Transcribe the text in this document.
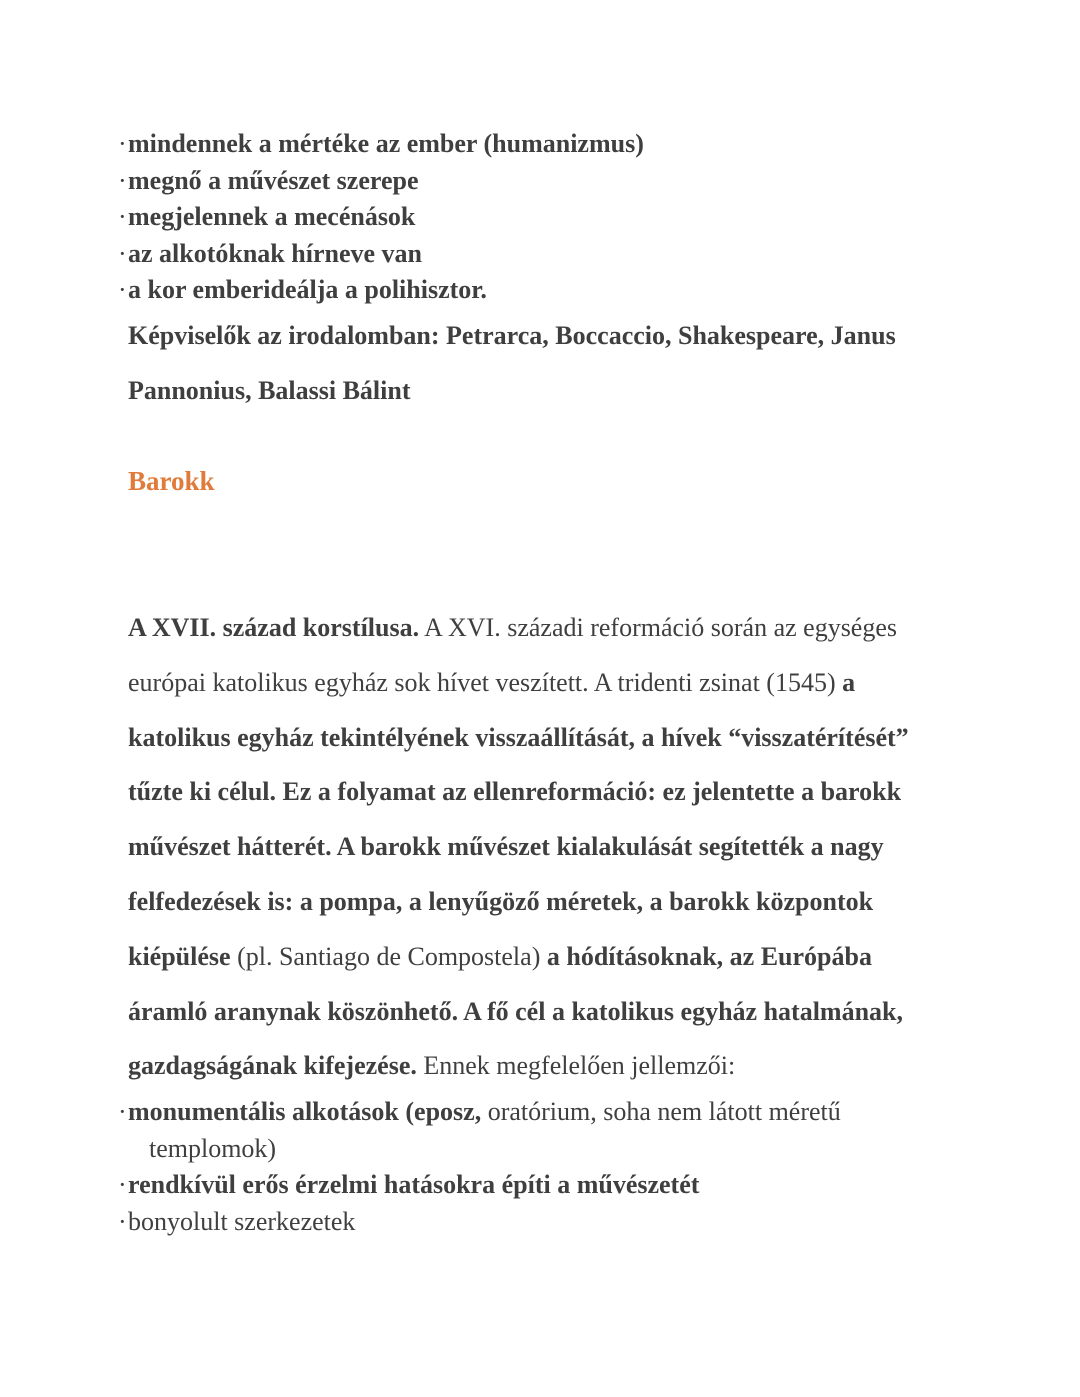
·mindennek a mértéke az ember (humanizmus)
·megnő a művészet szerepe
·megjelennek a mecénások
·az alkotóknak hírneve van
·a kor emberideálja a polihisztor.
Képviselők az irodalomban: Petrarca, Boccaccio, Shakespeare, Janus
Pannonius, Balassi Bálint
Barokk
A XVII. század korstílusa. A XVI. századi reformáció során az egységes
európai katolikus egyház sok hívet veszített. A tridenti zsinat (1545) a
katolikus egyház tekintélyének visszaállítását, a hívek “visszatérítését”
tűzte ki célul. Ez a folyamat az ellenreformáció: ez jelentette a barokk
művészet hátterét. A barokk művészet kialakulását segítették a nagy
felfedezések is: a pompa, a lenyűgöző méretek, a barokk központok
kiépülése (pl. Santiago de Compostela) a hódításoknak, az Európába
áramló aranynak köszönhető. A fő cél a katolikus egyház hatalmának,
gazdagságának kifejezése. Ennek megfelelően jellemzői:
·monumentális alkotások (eposz, oratórium, soha nem látott méretű
templomok)
·rendkívül erős érzelmi hatásokra építi a művészetét
·bonyolult szerkezetek
